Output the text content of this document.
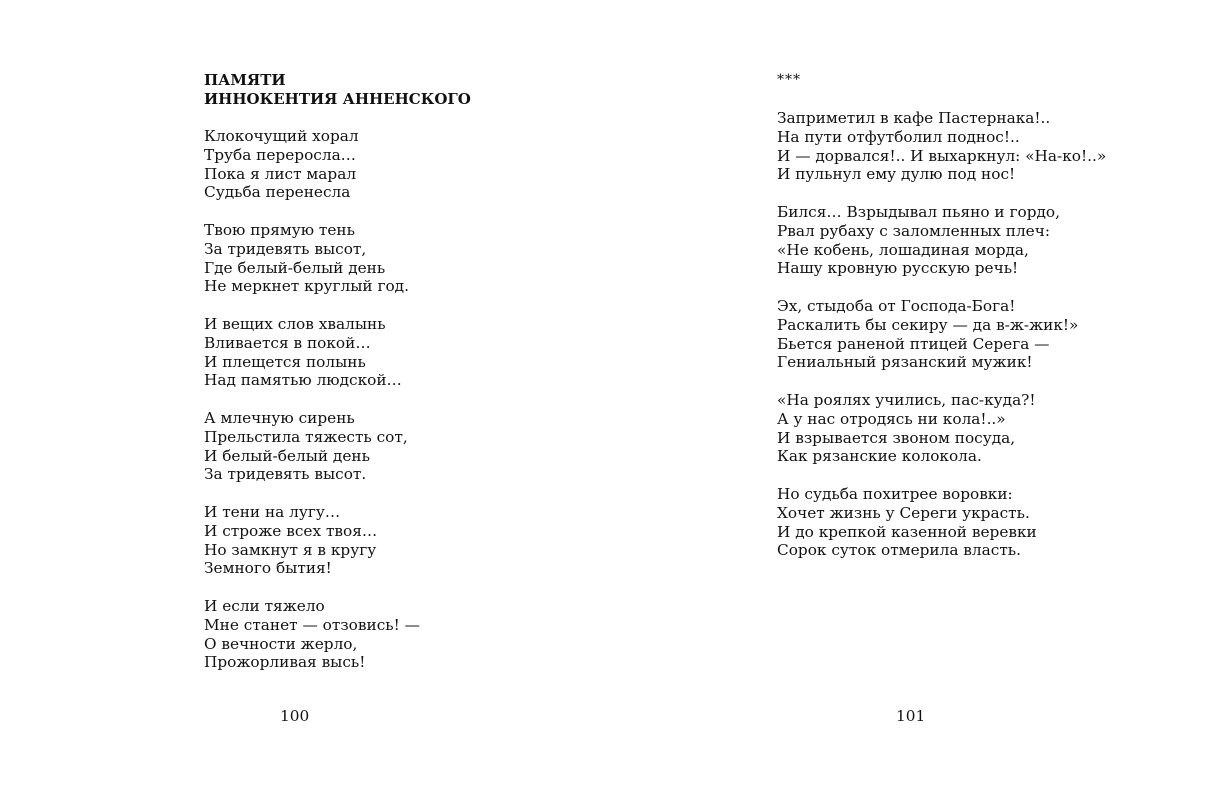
ПАМЯТИ
ИННОКЕНТИЯ АННЕНСКОГО
Клокочущий хорал
Труба переросла…
Пока я лист марал
Судьба перенесла
Твою прямую тень
За тридевять высот,
Где белый-белый день
Не меркнет круглый год.
И вещих слов хвалынь
Вливается в покой…
И плещется полынь
Над памятью людской…
А млечную сирень
Прельстила тяжесть сот,
И белый-белый день
За тридевять высот.
И тени на лугу…
И строже всех твоя…
Но замкнут я в кругу
Земного бытия!
И если тяжело
Мне станет — отзовись! —
О вечности жерло,
Прожорливая высь!
100
***
Заприметил в кафе Пастернака!..
На пути отфутболил поднос!..
И — дорвался!.. И выхаркнул: «На-ко!..»
И пульнул ему дулю под нос!
Бился… Взрыдывал пьяно и гордо,
Рвал рубаху с заломленных плеч:
«Не кобень, лошадиная морда,
Нашу кровную русскую речь!
Эх, стыдоба от Господа-Бога!
Раскалить бы секиру — да в-ж-жик!»
Бьется раненой птицей Серега —
Гениальный рязанский мужик!
«На роялях учились, пас-куда?!
А у нас отродясь ни кола!..»
И взрывается звоном посуда,
Как рязанские колокола.
Но судьба похитрее воровки:
Хочет жизнь у Сереги украсть.
И до крепкой казенной веревки
Сорок суток отмерила власть.
101
